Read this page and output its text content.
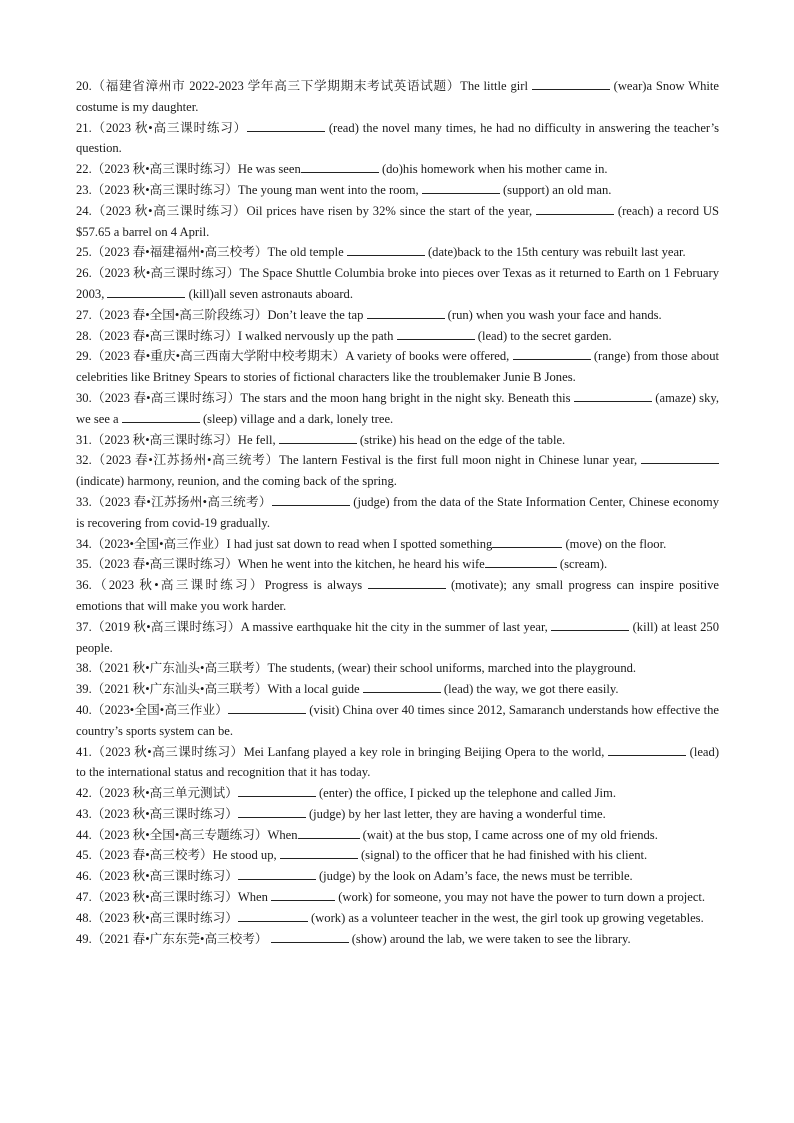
20.（福建省漳州市 2022-2023 学年高三下学期期末考试英语试题）The little girl	(wear)a Snow White costume is my daughter.

21.（2023 秋•高三课时练习）	(read) the novel many times, he had no difficulty in answering the teacher’s question.

22.（2023 秋•高三课时练习）He was seen	(do)his homework when his mother came in.

23.（2023 秋•高三课时练习）The young man went into the room,	(support) an old man.

24.（2023 秋•高三课时练习）Oil prices have risen by 32% since the start of the year,	(reach) a record US $57.65 a barrel on 4 April.

25.（2023 春•福建福州•高三校考）The old temple	(date)back to the 15th century was rebuilt last year.

26.（2023 秋•高三课时练习）The Space Shuttle Columbia broke into pieces over Texas as it returned to Earth on 1 February 2003,	(kill)all seven astronauts aboard.

27.（2023 春•全国•高三阶段练习）Don’t leave the tap	(run) when you wash your face and hands.

28.（2023 春•高三课时练习）I walked nervously up the path	(lead) to the secret garden.

29.（2023 春•重庆•高三西南大学附中校考期末）A variety of books were offered,	(range) from those about celebrities like Britney Spears to stories of fictional characters like the troublemaker Junie B Jones.

30.（2023 春•高三课时练习）The stars and the moon hang bright in the night sky. Beneath this	(amaze) sky, we see a	(sleep) village and a dark, lonely tree.

31.（2023 秋•高三课时练习）He fell,	(strike) his head on the edge of the table.

32.（2023 春•江苏扬州•高三统考）The lantern Festival is the first full moon night in Chinese lunar year,  (indicate) harmony, reunion, and the coming back of the spring.

33.（2023 春•江苏扬州•高三统考）	(judge) from the data of the State Information Center, Chinese economy is recovering from covid-19 gradually.

34.（2023•全国•高三作业）I had just sat down to read when I spotted something	(move) on the floor.

35.（2023 春•高三课时练习）When he went into the kitchen, he heard his wife	(scream).

36.（2023 秋•高三课时练习）Progress is always	(motivate); any small progress can inspire positive emotions that will make you work harder.

37.（2019 秋•高三课时练习）A massive earthquake hit the city in the summer of last year,	(kill) at least 250 people.

38.（2021 秋•广东汕头•高三联考）The students, (wear) their school uniforms, marched into the playground.

39.（2021 秋•广东汕头•高三联考）With a local guide	(lead) the way, we got there easily.

40.（2023•全国•高三作业）	(visit) China over 40 times since 2012, Samaranch understands how effective the country’s sports system can be.

41.（2023 秋•高三课时练习）Mei Lanfang played a key role in bringing Beijing Opera to the world,	(lead) to the international status and recognition that it has today.

42.（2023 秋•高三单元测试）	(enter) the office, I picked up the telephone and called Jim.

43.（2023 秋•高三课时练习）	(judge) by her last letter, they are having a wonderful time.

44.（2023 秋•全国•高三专题练习）When	(wait) at the bus stop, I came across one of my old friends.

45.（2023 春•高三校考）He stood up,	(signal) to the officer that he had finished with his client.

46.（2023 秋•高三课时练习）	(judge) by the look on Adam’s face, the news must be terrible.

47.（2023 秋•高三课时练习）When	(work) for someone, you may not have the power to turn down a project.

48.（2023 秋•高三课时练习）	(work) as a volunteer teacher in the west, the girl took up growing vegetables.

49.（2021 春•广东东莞•高三校考）	(show) around the lab, we were taken to see the library.
